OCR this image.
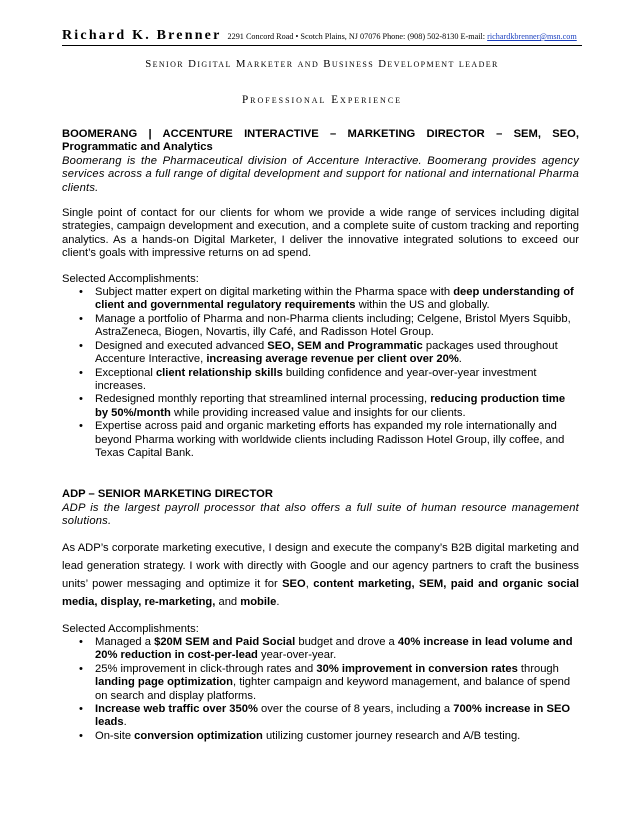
Richard K. Brenner 2291 Concord Road • Scotch Plains, NJ 07076 Phone: (908) 502-8130 E-mail: richardkbrenner@msn.com
Senior Digital Marketer and Business Development leader
Professional Experience
BOOMERANG | ACCENTURE INTERACTIVE – MARKETING DIRECTOR – SEM, SEO, Programmatic and Analytics
Boomerang is the Pharmaceutical division of Accenture Interactive. Boomerang provides agency services across a full range of digital development and support for national and international Pharma clients.
Single point of contact for our clients for whom we provide a wide range of services including digital strategies, campaign development and execution, and a complete suite of custom tracking and reporting analytics. As a hands-on Digital Marketer, I deliver the innovative integrated solutions to exceed our client’s goals with impressive returns on ad spend.
Selected Accomplishments:
• Subject matter expert on digital marketing within the Pharma space with deep understanding of client and governmental regulatory requirements within the US and globally.
• Manage a portfolio of Pharma and non-Pharma clients including; Celgene, Bristol Myers Squibb, AstraZeneca, Biogen, Novartis, illy Café, and Radisson Hotel Group.
• Designed and executed advanced SEO, SEM and Programmatic packages used throughout Accenture Interactive, increasing average revenue per client over 20%.
• Exceptional client relationship skills building confidence and year-over-year investment increases.
• Redesigned monthly reporting that streamlined internal processing, reducing production time by 50%/month while providing increased value and insights for our clients.
• Expertise across paid and organic marketing efforts has expanded my role internationally and beyond Pharma working with worldwide clients including Radisson Hotel Group, illy coffee, and Texas Capital Bank.
ADP – SENIOR MARKETING DIRECTOR
ADP is the largest payroll processor that also offers a full suite of human resource management solutions.
As ADP’s corporate marketing executive, I design and execute the company’s B2B digital marketing and lead generation strategy. I work with directly with Google and our agency partners to craft the business units’ power messaging and optimize it for SEO, content marketing, SEM, paid and organic social media, display, re-marketing, and mobile.
Selected Accomplishments:
• Managed a $20M SEM and Paid Social budget and drove a 40% increase in lead volume and 20% reduction in cost-per-lead year-over-year.
• 25% improvement in click-through rates and 30% improvement in conversion rates through landing page optimization, tighter campaign and keyword management, and balance of spend on search and display platforms.
• Increase web traffic over 350% over the course of 8 years, including a 700% increase in SEO leads.
• On-site conversion optimization utilizing customer journey research and A/B testing.
